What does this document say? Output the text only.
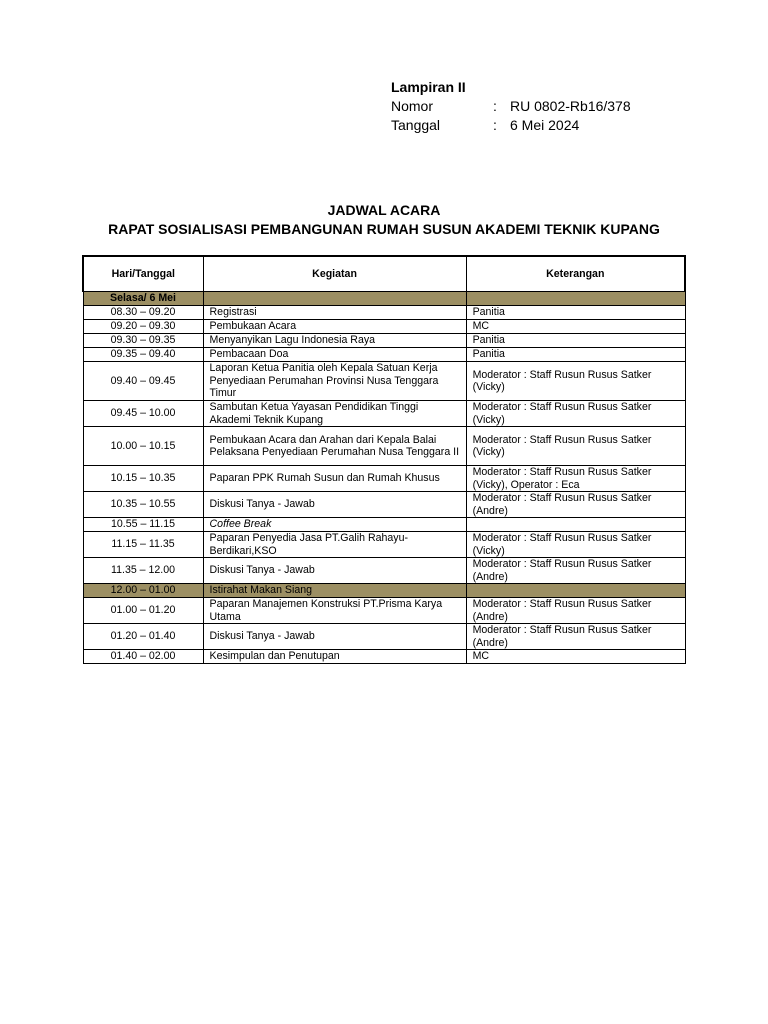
Lampiran II
Nomor	: RU 0802-Rb16/378
Tanggal	: 6 Mei 2024
JADWAL ACARA
RAPAT SOSIALISASI PEMBANGUNAN RUMAH SUSUN AKADEMI TEKNIK KUPANG
Hari/Tanggal	Kegiatan	Keterangan
Selasa/ 6 Mei		
08.30 – 09.20	Registrasi	Panitia
09.20 – 09.30	Pembukaan Acara	MC
09.30 – 09.35	Menyanyikan Lagu Indonesia Raya	Panitia
09.35 – 09.40	Pembacaan Doa	Panitia
09.40 – 09.45	Laporan Ketua Panitia oleh Kepala Satuan Kerja Penyediaan Perumahan Provinsi Nusa Tenggara Timur	Moderator : Staff Rusun Rusus Satker (Vicky)
09.45 – 10.00	Sambutan Ketua Yayasan Pendidikan Tinggi Akademi Teknik Kupang	Moderator : Staff Rusun Rusus Satker (Vicky)
10.00 – 10.15	Pembukaan Acara dan Arahan dari Kepala Balai Pelaksana Penyediaan Perumahan Nusa Tenggara II	Moderator : Staff Rusun Rusus Satker (Vicky)
10.15 – 10.35	Paparan PPK Rumah Susun dan Rumah Khusus	Moderator : Staff Rusun Rusus Satker (Vicky), Operator : Eca
10.35 – 10.55	Diskusi Tanya - Jawab	Moderator : Staff Rusun Rusus Satker (Andre)
10.55 – 11.15	Coffee Break	
11.15 – 11.35	Paparan Penyedia Jasa PT.Galih Rahayu-Berdikari,KSO	Moderator : Staff Rusun Rusus Satker (Vicky)
11.35 – 12.00	Diskusi Tanya - Jawab	Moderator : Staff Rusun Rusus Satker (Andre)
12.00 – 01.00	Istirahat Makan Siang	
01.00 – 01.20	Paparan Manajemen Konstruksi PT.Prisma Karya Utama	Moderator : Staff Rusun Rusus Satker (Andre)
01.20 – 01.40	Diskusi Tanya - Jawab	Moderator : Staff Rusun Rusus Satker (Andre)
01.40 – 02.00	Kesimpulan dan Penutupan	MC
